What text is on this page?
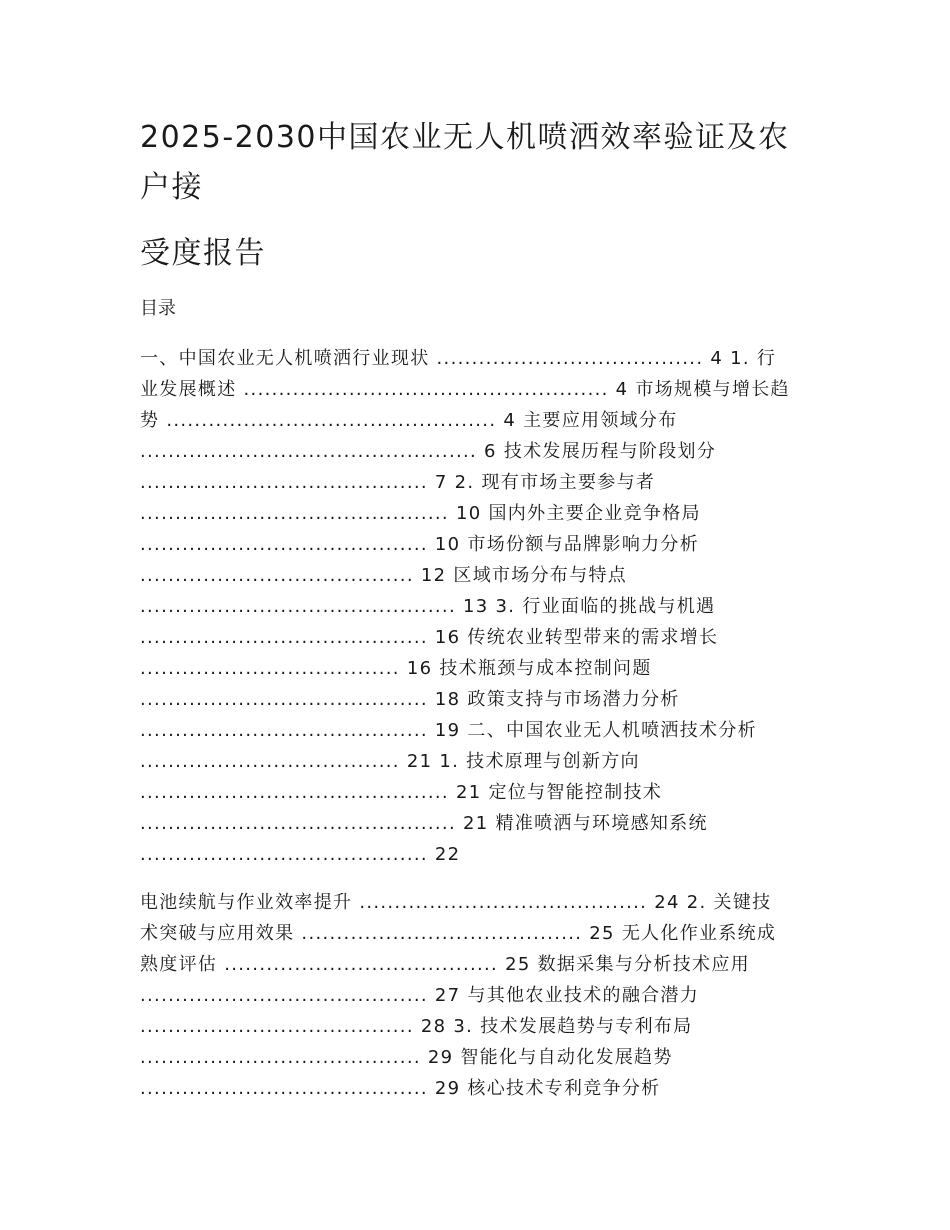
2025-2030中国农业无人机喷洒效率验证及农
户接
受度报告
目录
一、中国农业无人机喷洒行业现状 ...................................... 4 1. 行
业发展概述 .................................................... 4 市场规模与增长趋
势 ............................................... 4 主要应用领域分布
................................................ 6 技术发展历程与阶段划分
......................................... 7 2. 现有市场主要参与者
............................................ 10 国内外主要企业竞争格局
......................................... 10 市场份额与品牌影响力分析
....................................... 12 区域市场分布与特点
............................................. 13 3. 行业面临的挑战与机遇
......................................... 16 传统农业转型带来的需求增长
..................................... 16 技术瓶颈与成本控制问题
......................................... 18 政策支持与市场潜力分析
......................................... 19 二、中国农业无人机喷洒技术分析
..................................... 21 1. 技术原理与创新方向
............................................ 21 定位与智能控制技术
............................................. 21 精准喷洒与环境感知系统
......................................... 22
电池续航与作业效率提升 ......................................... 24 2. 关键技
术突破与应用效果 ........................................ 25 无人化作业系统成
熟度评估 ....................................... 25 数据采集与分析技术应用
......................................... 27 与其他农业技术的融合潜力
....................................... 28 3. 技术发展趋势与专利布局
........................................ 29 智能化与自动化发展趋势
......................................... 29 核心技术专利竞争分析
